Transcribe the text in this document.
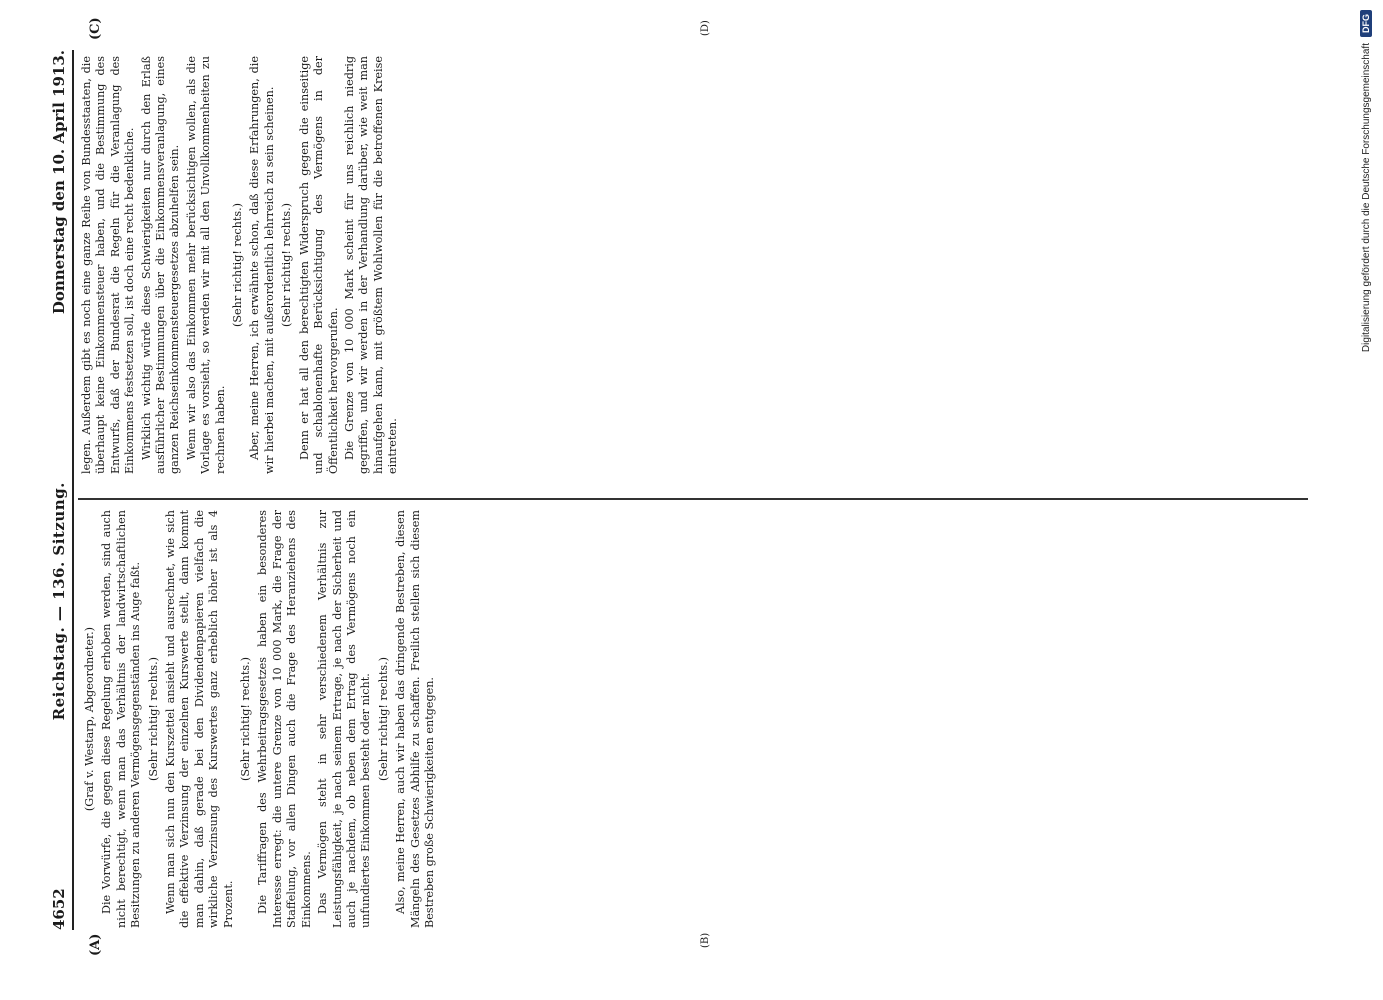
4652
Reichstag. — 136. Sitzung.
Donnerstag den 10. April 1913.
(A)	(B)
(C)	(D)

(Graf v. Westarp, Abgeordneter.) Die Vorwürfe, die gegen diese Regelung erhoben werden, sind auch nicht berechtigt, wenn man das Verhältnis der landwirtschaftlichen Besitzungen zu anderen Vermögensgegenständen ins Auge faßt. (Sehr richtig! rechts.) Wenn man sich nun den Kurszettel ansieht und ausrechnet, wie sich die effektive Verzinsung der einzelnen Kurswerte stellt, dann kommt man dahin, daß gerade bei den Dividendenpapieren vielfach die wirkliche Verzinsung des Kurswertes ganz erheblich höher ist als 4 Prozent.

(Sehr richtig! rechts.) Die Tariffragen des Wehrbeitragsgesetzes haben ein besonderes Interesse erregt: die untere Grenze von 10 000 Mark, die Frage der Staffelung, vor allen Dingen auch die Frage des Heranziehens des Einkommens. Das Vermögen steht in sehr verschiedenem Verhältnis zur Leistungsfähigkeit, je nach seinem Ertrage, je nach der Sicherheit und auch je nachdem, ob neben dem Ertrag des Vermögens noch ein unfundiertes Einkommen besteht oder nicht. (Sehr richtig! rechts.) Also, meine Herren, auch wir haben das dringende Bestreben, diesen Mängeln des Gesetzes Abhilfe zu schaffen. Freilich stellen sich diesem Bestreben große Schwierigkeiten entgegen.

legen. Außerdem gibt es noch eine ganze Reihe von Bundesstaaten, die überhaupt keine Einkommensteuer haben, und die Bestimmung des Entwurfs, daß der Bundesrat die Regeln für die Veranlagung des Einkommens festsetzen soll, ist doch eine recht bedenkliche. Wirklich wichtig würde diese Schwierigkeiten nur durch den Erlaß ausführlicher Bestimmungen über die Einkommensveranlagung, eines ganzen Reichseinkommensteuergesetzes abzuhelfen sein. Wenn wir also das Einkommen mehr berücksichtigen wollen, als die Vorlage es vorsieht, so werden wir mit all den Unvollkommenheiten zu rechnen haben.

(Sehr richtig! rechts.) Aber, meine Herren, ich erwähnte schon, daß diese Erfahrungen, die wir hierbei machen, mit außerordentlich lehrreich zu sein scheinen. (Sehr richtig! rechts.) Denn er hat all den berechtigten Widerspruch gegen die einseitige und schablonenhafte Berücksichtigung des Vermögens in der Öffentlichkeit hervorgerufen. Die Grenze von 10 000 Mark scheint für uns reichlich niedrig gegriffen, und wir werden in der Verhandlung darüber, wie weit man hinaufgehen kann, mit größtem Wohlwollen für die betroffenen Kreise eintreten.

Digitalisierung gefördert durch die Deutsche Forschungsgemeinschaft
DFG
